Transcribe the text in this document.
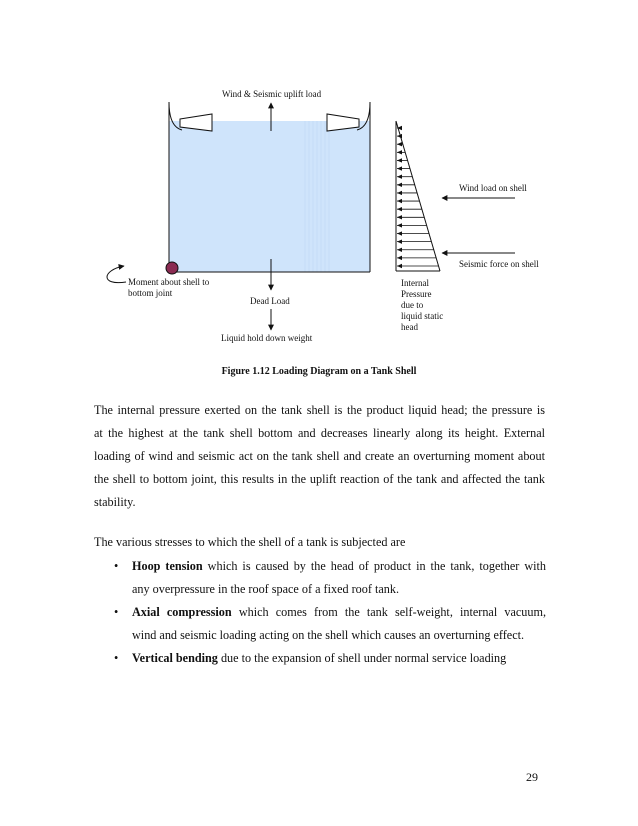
Wind & Seismic uplift load
Wind load on shell
Seismic force on shell
Moment about shell to
bottom joint
Dead Load
Liquid hold down weight
Internal
Pressure
due to
liquid static
head
Figure 1.12 Loading Diagram on a Tank Shell

The internal pressure exerted on the tank shell is the product liquid head; the pressure is

at the highest at the tank shell bottom and decreases linearly along its height. External

loading of wind and seismic act on the tank shell and create an overturning moment about

the shell to bottom joint, this results in the uplift reaction of the tank and affected the tank

stability.

The various stresses to which the shell of a tank is subjected are

• Hoop tension which is caused by the head of product in the tank, together with

any overpressure in the roof space of a fixed roof tank.

• Axial compression which comes from the tank self-weight, internal vacuum,

wind and seismic loading acting on the shell which causes an overturning effect.

• Vertical bending due to the expansion of shell under normal service loading

29
